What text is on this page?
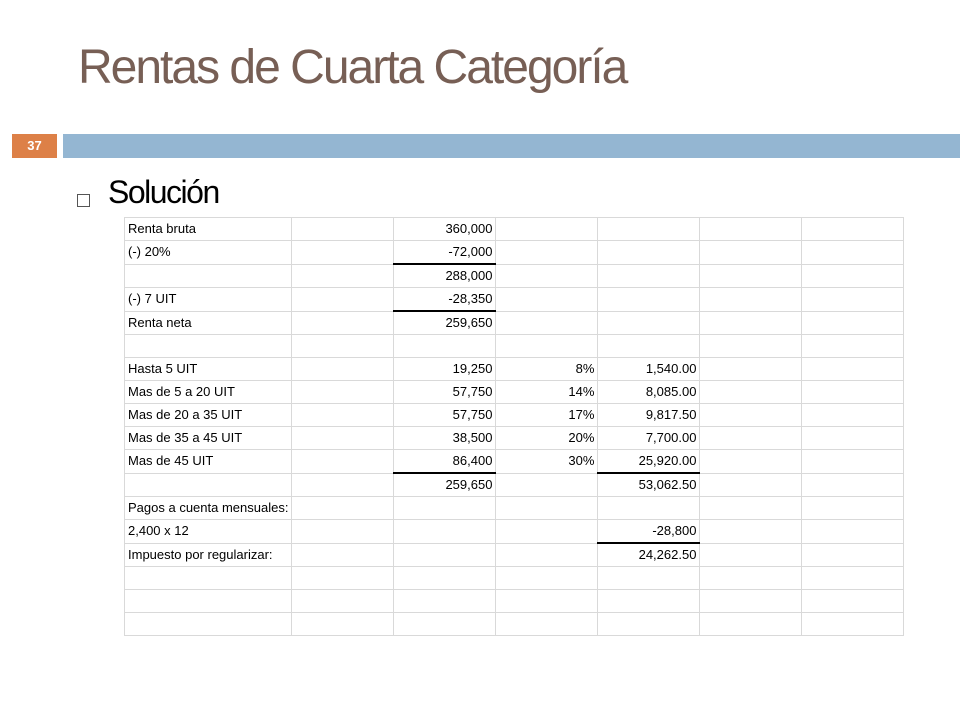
Rentas de Cuarta Categoría
37
Solución
Renta bruta		360,000				
(-) 20%		-72,000				
		288,000				
(-) 7 UIT		-28,350				
Renta neta		259,650				

Hasta 5 UIT		19,250	8%	1,540.00		
Mas de 5 a 20 UIT		57,750	14%	8,085.00		
Mas de 20 a 35 UIT		57,750	17%	9,817.50		
Mas de 35 a 45 UIT		38,500	20%	7,700.00		
Mas de 45 UIT		86,400	30%	25,920.00		
		259,650		53,062.50		
Pagos a cuenta mensuales:						
2,400 x 12				-28,800		
Impuesto por regularizar:				24,262.50		
